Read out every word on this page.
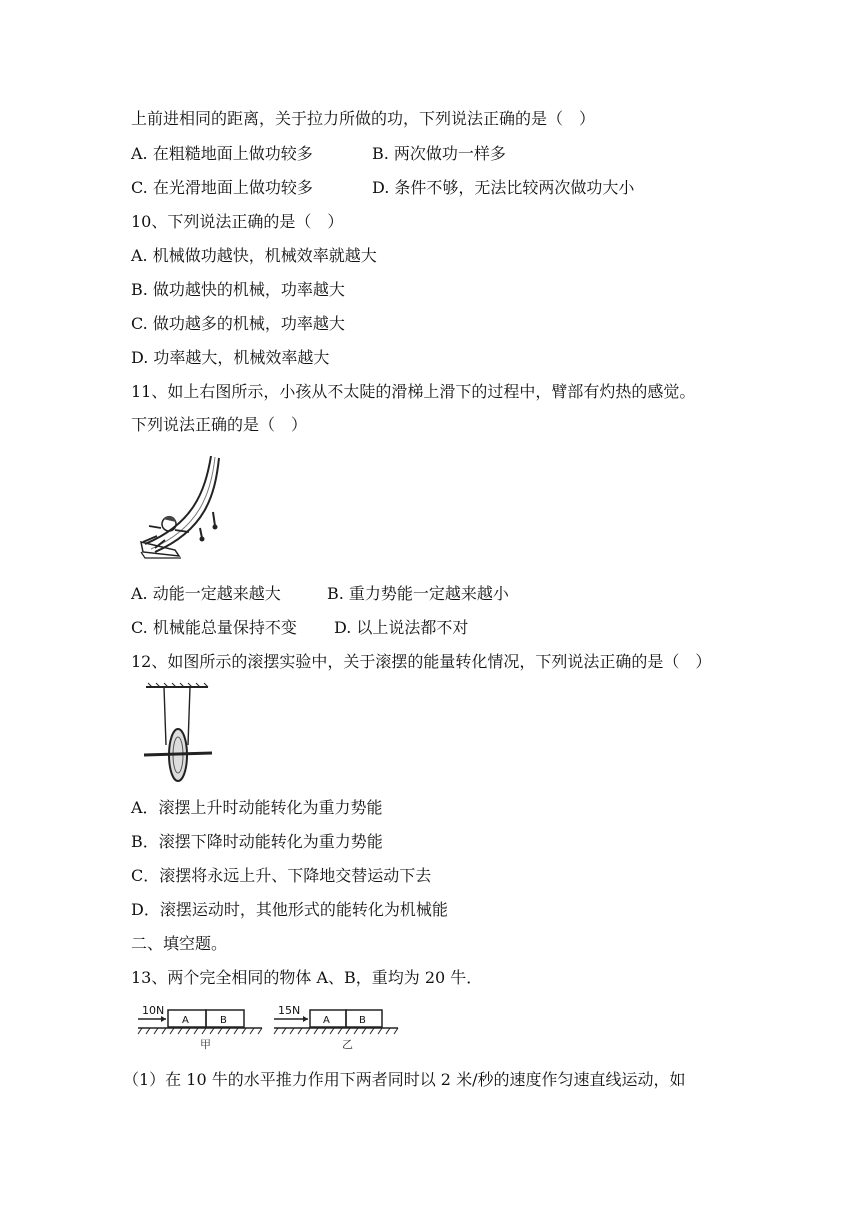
上前进相同的距离，关于拉力所做的功，下列说法正确的是（　）
A. 在粗糙地面上做功较多	B. 两次做功一样多
C. 在光滑地面上做功较多	D. 条件不够，无法比较两次做功大小
10、下列说法正确的是（　）
A. 机械做功越快，机械效率就越大
B. 做功越快的机械，功率越大
C. 做功越多的机械，功率越大
D. 功率越大，机械效率越大
11、如上右图所示，小孩从不太陡的滑梯上滑下的过程中，臂部有灼热的感觉。
下列说法正确的是（　）
A. 动能一定越来越大	B. 重力势能一定越来越小
C. 机械能总量保持不变 D. 以上说法都不对
12、如图所示的滚摆实验中，关于滚摆的能量转化情况，下列说法正确的是（　）
A．滚摆上升时动能转化为重力势能
B．滚摆下降时动能转化为重力势能
C．滚摆将永远上升、下降地交替运动下去
D．滚摆运动时，其他形式的能转化为机械能
二、填空题。
13、两个完全相同的物体 A、B，重均为 20 牛．
10N
A	B
甲
15N
A	B
乙
（1）在 10 牛的水平推力作用下两者同时以 2 米/秒的速度作匀速直线运动，如
